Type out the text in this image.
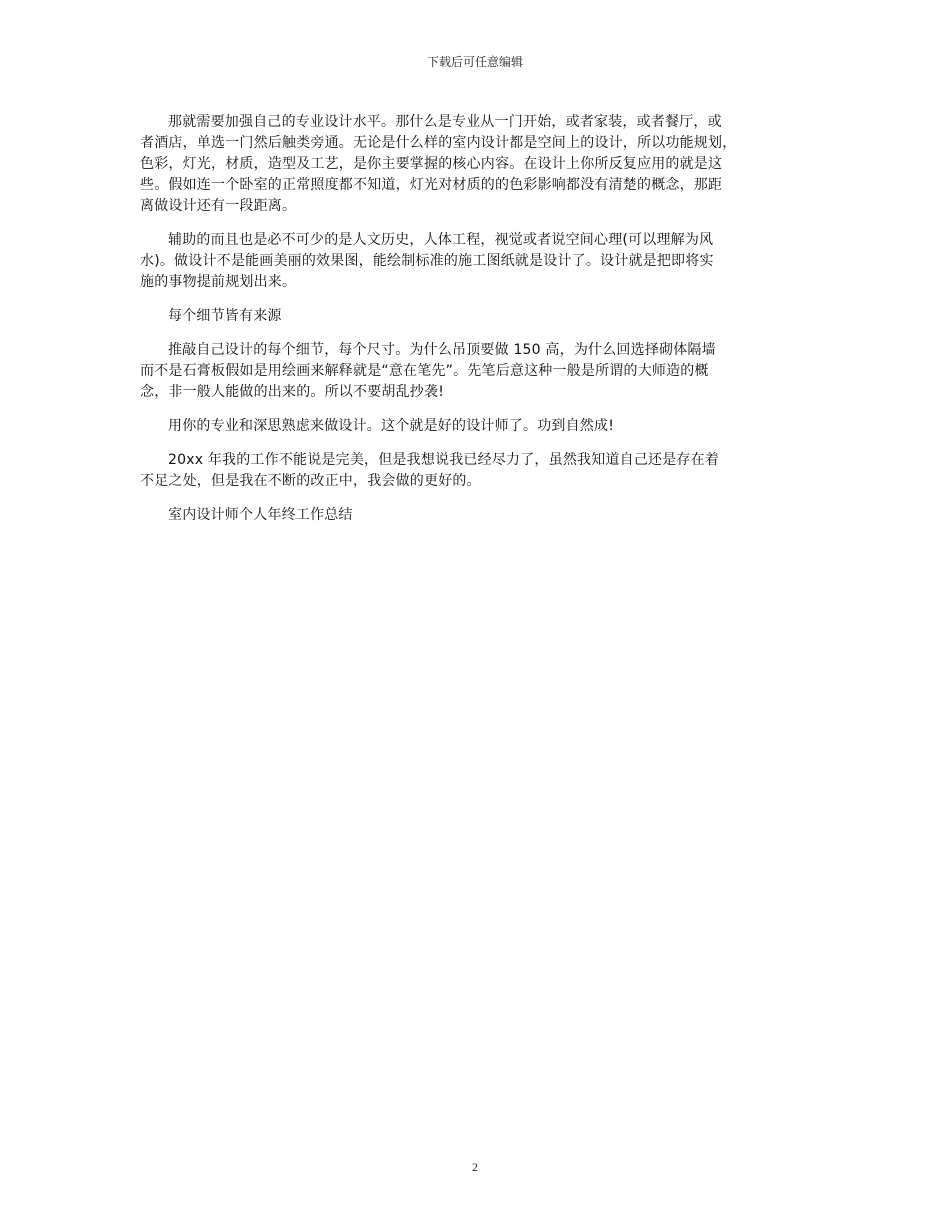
下载后可任意编辑

那就需要加强自己的专业设计水平。那什么是专业从一门开始，或者家装，或者餐厅，或
者酒店，单选一门然后触类旁通。无论是什么样的室内设计都是空间上的设计，所以功能规划，
色彩，灯光，材质，造型及工艺，是你主要掌握的核心内容。在设计上你所反复应用的就是这
些。假如连一个卧室的正常照度都不知道，灯光对材质的的色彩影响都没有清楚的概念，那距
离做设计还有一段距离。

辅助的而且也是必不可少的是人文历史，人体工程，视觉或者说空间心理(可以理解为风
水)。做设计不是能画美丽的效果图，能绘制标准的施工图纸就是设计了。设计就是把即将实
施的事物提前规划出来。

每个细节皆有来源

推敲自己设计的每个细节，每个尺寸。为什么吊顶要做 150 高，为什么回选择砌体隔墙
而不是石膏板假如是用绘画来解释就是“意在笔先”。先笔后意这种一般是所谓的大师造的概
念，非一般人能做的出来的。所以不要胡乱抄袭!

用你的专业和深思熟虑来做设计。这个就是好的设计师了。功到自然成!

20xx 年我的工作不能说是完美，但是我想说我已经尽力了，虽然我知道自己还是存在着
不足之处，但是我在不断的改正中，我会做的更好的。

室内设计师个人年终工作总结

2
